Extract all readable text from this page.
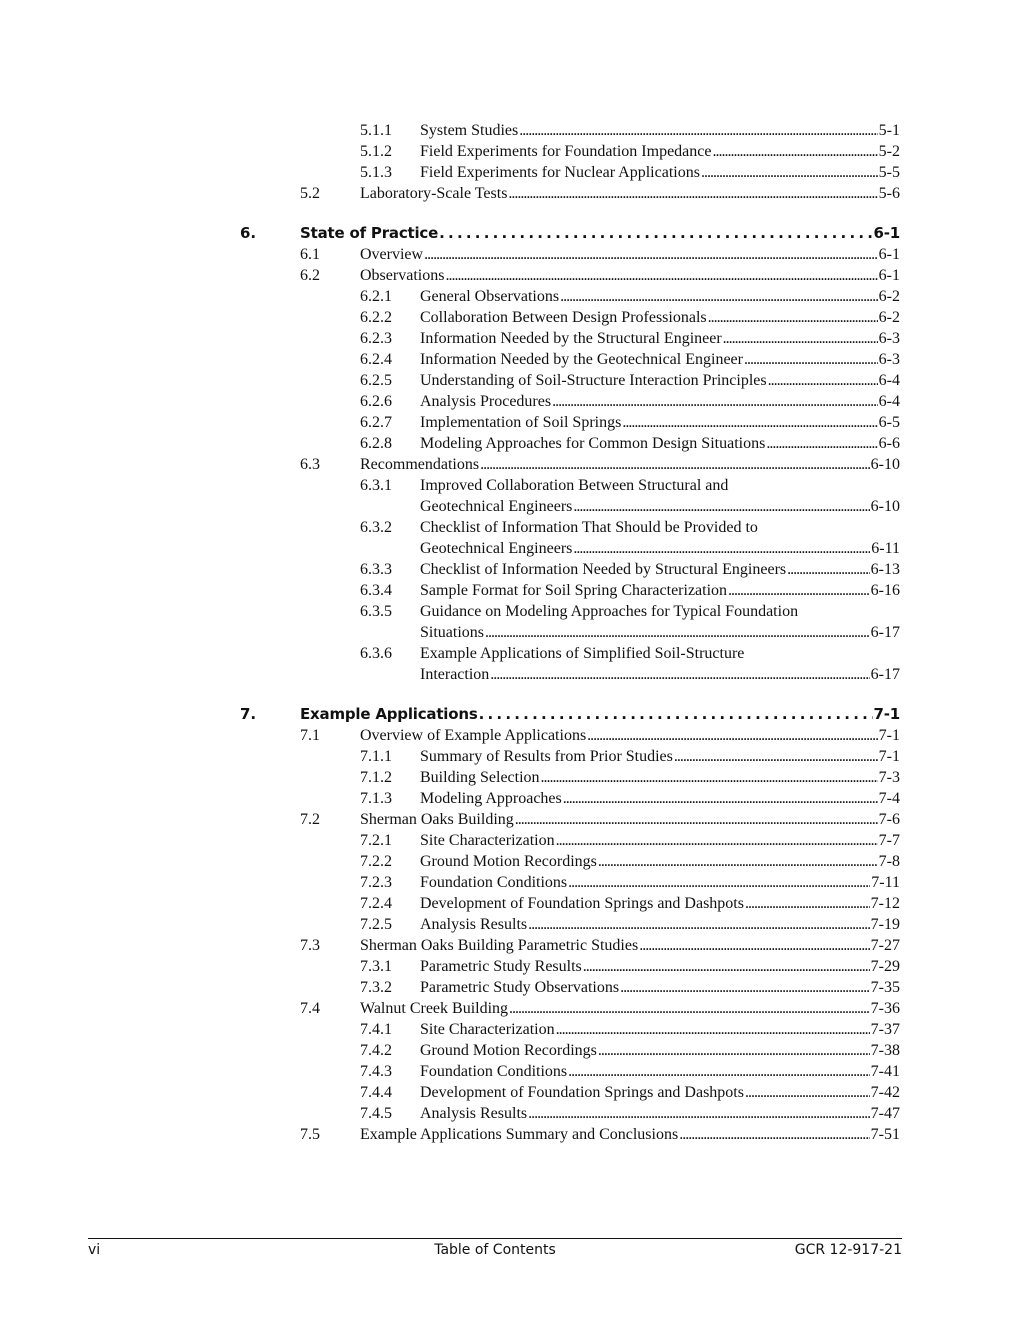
5.1.1 System Studies . . .	5-1
5.1.2 Field Experiments for Foundation Impedance . . .	5-2
5.1.3 Field Experiments for Nuclear Applications . . .	5-5
5.2	Laboratory-Scale Tests . . .	5-6
6.	State of Practice . . .	6-1
6.1	Overview . . .	6-1
6.2	Observations . . .	6-1
6.2.1 General Observations . . .	6-2
6.2.2 Collaboration Between Design Professionals . . .	6-2
6.2.3 Information Needed by the Structural Engineer . . .	6-3
6.2.4 Information Needed by the Geotechnical Engineer . . .	6-3
6.2.5 Understanding of Soil-Structure Interaction Principles . . .	6-4
6.2.6 Analysis Procedures . . .	6-4
6.2.7 Implementation of Soil Springs . . .	6-5
6.2.8 Modeling Approaches for Common Design Situations . . .	6-6
6.3	Recommendations . . .	6-10
6.3.1 Improved Collaboration Between Structural and
Geotechnical Engineers . . .	6-10
6.3.2 Checklist of Information That Should be Provided to
Geotechnical Engineers . . .	6-11
6.3.3 Checklist of Information Needed by Structural Engineers . . .	6-13
6.3.4 Sample Format for Soil Spring Characterization . . .	6-16
6.3.5 Guidance on Modeling Approaches for Typical Foundation
Situations . . .	6-17
6.3.6 Example Applications of Simplified Soil-Structure
Interaction . . .	6-17
7.	Example Applications . . .	7-1
7.1	Overview of Example Applications . . .	7-1
7.1.1 Summary of Results from Prior Studies . . .	7-1
7.1.2 Building Selection . . .	7-3
7.1.3 Modeling Approaches . . .	7-4
7.2	Sherman Oaks Building . . .	7-6
7.2.1 Site Characterization . . .	7-7
7.2.2 Ground Motion Recordings . . .	7-8
7.2.3 Foundation Conditions . . .	7-11
7.2.4 Development of Foundation Springs and Dashpots . . .	7-12
7.2.5 Analysis Results . . .	7-19
7.3	Sherman Oaks Building Parametric Studies . . .	7-27
7.3.1 Parametric Study Results . . .	7-29
7.3.2 Parametric Study Observations . . .	7-35
7.4	Walnut Creek Building . . .	7-36
7.4.1 Site Characterization . . .	7-37
7.4.2 Ground Motion Recordings . . .	7-38
7.4.3 Foundation Conditions . . .	7-41
7.4.4 Development of Foundation Springs and Dashpots . . .	7-42
7.4.5 Analysis Results . . .	7-47
7.5	Example Applications Summary and Conclusions . . .	7-51
vi	Table of Contents	GCR 12-917-21
